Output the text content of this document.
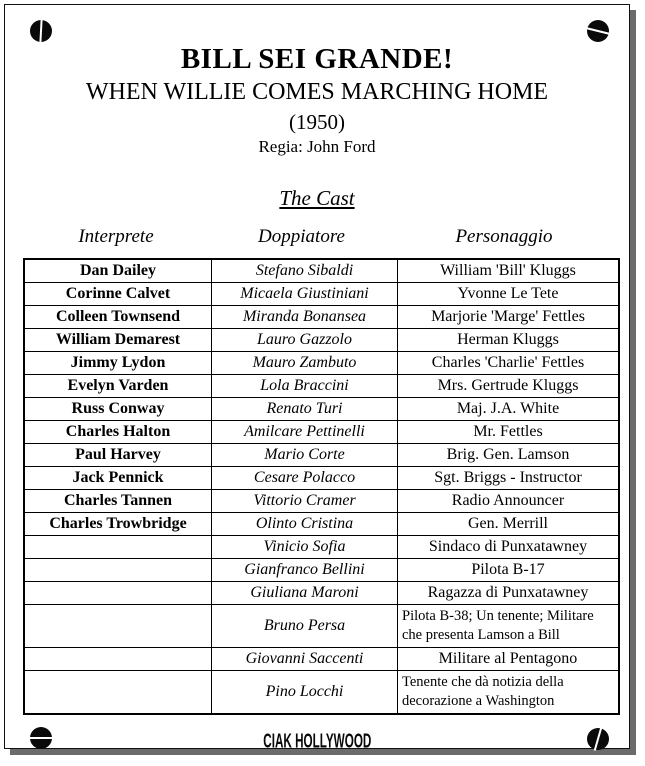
BILL SEI GRANDE!
WHEN WILLIE COMES MARCHING HOME
(1950)
Regia: John Ford
The Cast
Interprete	Doppiatore	Personaggio
Dan Dailey	Stefano Sibaldi	William 'Bill' Kluggs
Corinne Calvet	Micaela Giustiniani	Yvonne Le Tete
Colleen Townsend	Miranda Bonansea	Marjorie 'Marge' Fettles
William Demarest	Lauro Gazzolo	Herman Kluggs
Jimmy Lydon	Mauro Zambuto	Charles 'Charlie' Fettles
Evelyn Varden	Lola Braccini	Mrs. Gertrude Kluggs
Russ Conway	Renato Turi	Maj. J.A. White
Charles Halton	Amilcare Pettinelli	Mr. Fettles
Paul Harvey	Mario Corte	Brig. Gen. Lamson
Jack Pennick	Cesare Polacco	Sgt. Briggs - Instructor
Charles Tannen	Vittorio Cramer	Radio Announcer
Charles Trowbridge	Olinto Cristina	Gen. Merrill
	Vinicio Sofia	Sindaco di Punxatawney
	Gianfranco Bellini	Pilota B-17
	Giuliana Maroni	Ragazza di Punxatawney
	Bruno Persa	Pilota B-38; Un tenente; Militare che presenta Lamson a Bill
	Giovanni Saccenti	Militare al Pentagono
	Pino Locchi	Tenente che dà notizia della decorazione a Washington
CIAK HOLLYWOOD
